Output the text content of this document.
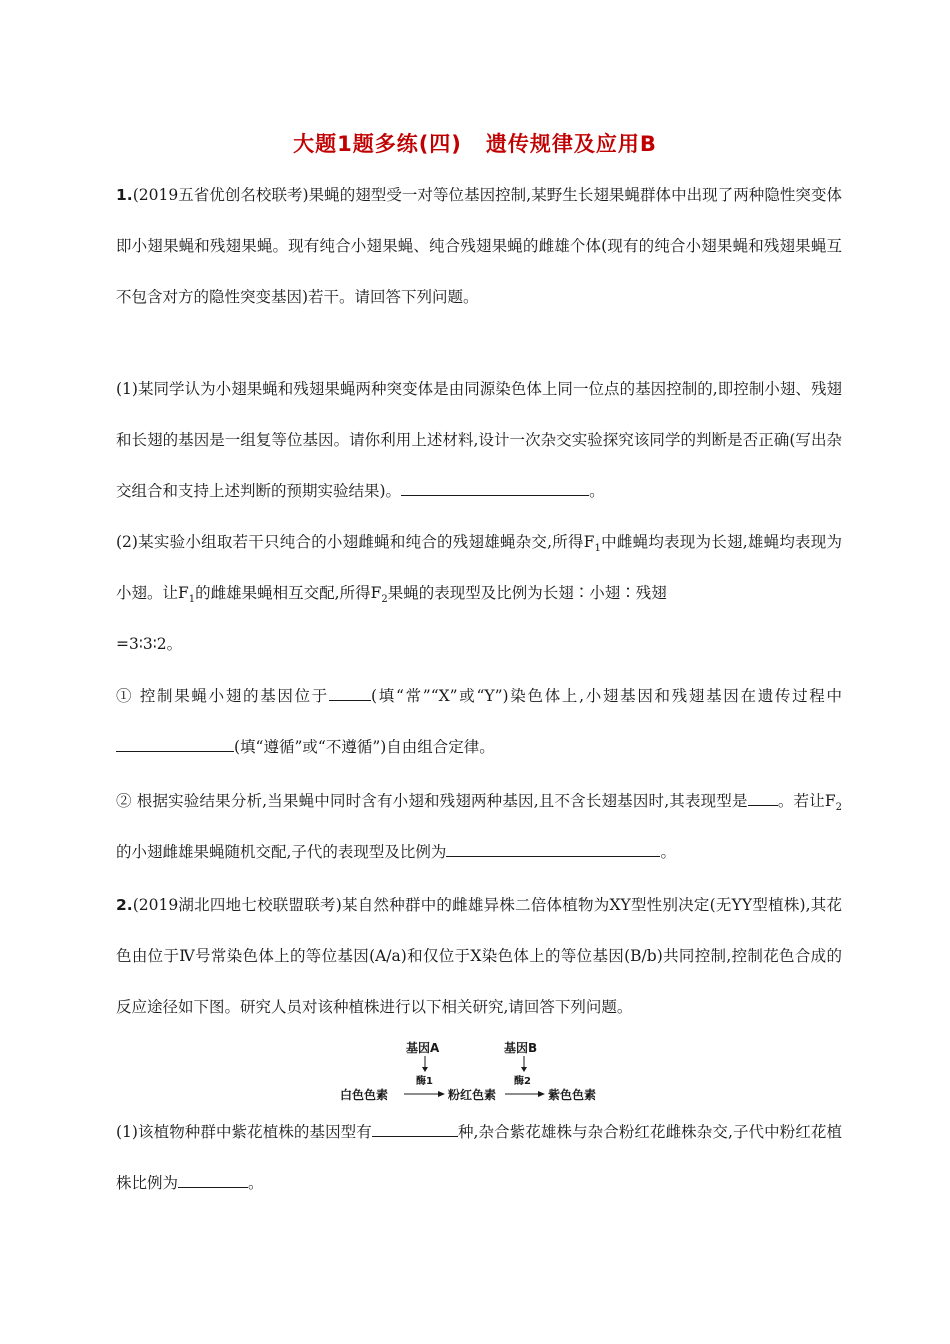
大题1题多练(四) 遗传规律及应用B
1.(2019五省优创名校联考)果蝇的翅型受一对等位基因控制,某野生长翅果蝇群体中出现了两种隐性突变体即小翅果蝇和残翅果蝇。现有纯合小翅果蝇、纯合残翅果蝇的雌雄个体(现有的纯合小翅果蝇和残翅果蝇互不包含对方的隐性突变基因)若干。请回答下列问题。
(1)某同学认为小翅果蝇和残翅果蝇两种突变体是由同源染色体上同一位点的基因控制的,即控制小翅、残翅和长翅的基因是一组复等位基因。请你利用上述材料,设计一次杂交实验探究该同学的判断是否正确(写出杂交组合和支持上述判断的预期实验结果)。	。
(2)某实验小组取若干只纯合的小翅雌蝇和纯合的残翅雄蝇杂交,所得$F_1$中雌蝇均表现为长翅,雄蝇均表现为小翅。让$F_1$的雌雄果蝇相互交配,所得$F_2$果蝇的表现型及比例为长翅∶小翅∶残翅
=3∶3∶2。
① 控制果蝇小翅的基因位于	(填“常”“X”或“Y”)染色体上,小翅基因和残翅基因在遗传过程中(填“遵循”或“不遵循”)自由组合定律。
② 根据实验结果分析,当果蝇中同时含有小翅和残翅两种基因,且不含长翅基因时,其表现型是 。若让$F_2$的小翅雌雄果蝇随机交配,子代的表现型及比例为	。
2.(2019湖北四地七校联盟联考)某自然种群中的雌雄异株二倍体植物为XY型性别决定(无YY型植株),其花色由位于Ⅳ号常染色体上的等位基因(A/a)和仅位于X染色体上的等位基因(B/b)共同控制,控制花色合成的反应途径如下图。研究人员对该种植株进行以下相关研究,请回答下列问题。
基因A	基因B
酶1	酶2
白色色素	粉红色素	紫色色素
(1)该植物种群中紫花植株的基因型有	种,杂合紫花雄株与杂合粉红花雌株杂交,子代中粉红花植株比例为	。
